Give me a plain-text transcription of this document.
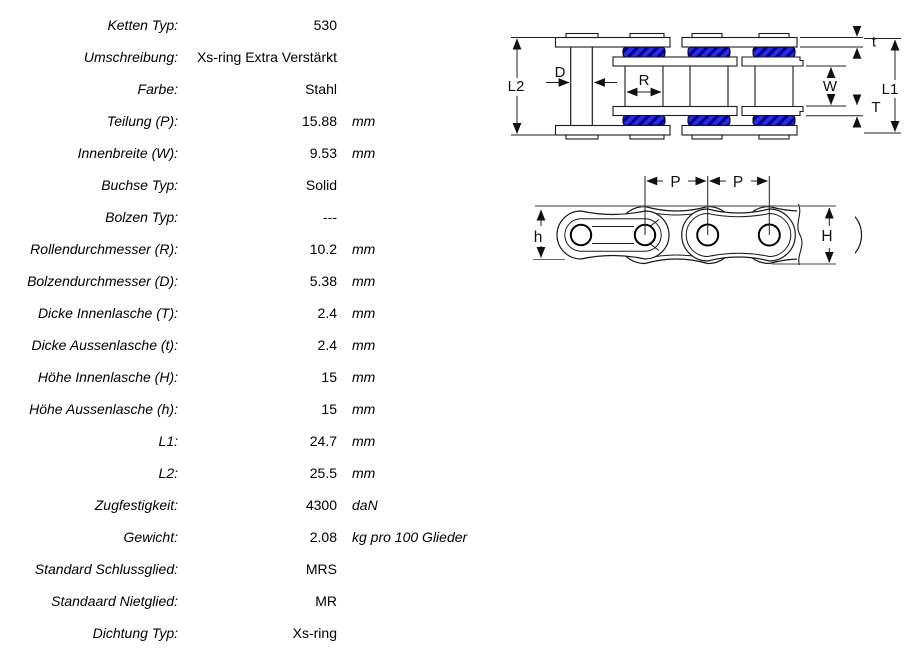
Ketten Typ:	530
Umschreibung:	Xs-ring Extra Verstärkt
Farbe:	Stahl
Teilung (P):	15.88 mm
Innenbreite (W):	9.53 mm
Buchse Typ:	Solid
Bolzen Typ:	---
Rollendurchmesser (R):	10.2 mm
Bolzendurchmesser (D):	5.38 mm
Dicke Innenlasche (T):	2.4 mm
Dicke Aussenlasche (t):	2.4 mm
Höhe Innenlasche (H):	15 mm
Höhe Aussenlasche (h):	15 mm
L1:	24.7 mm
L2:	25.5 mm
Zugfestigkeit:	4300 daN
Gewicht:	2.08 kg pro 100 Glieder
Standard Schlussglied:	MRS
Standaard Nietglied:	MR
Dichtung Typ:	Xs-ring
L2
D	R	W	L1
t
T
P	P
h	H
